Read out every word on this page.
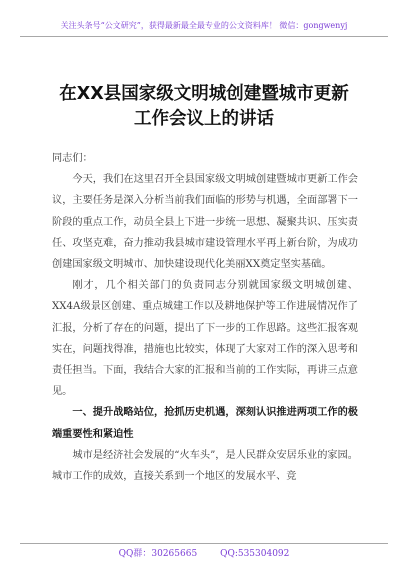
关注头条号“公文研究”，获得最新最全最专业的公文资料库！ 微信：gongwenyj
在XX县国家级文明城创建暨城市更新
工作会议上的讲话

同志们：

今天，我们在这里召开全县国家级文明城创建暨城市更新工作会议，主要任务是深入分析当前我们面临的形势与机遇，全面部署下一阶段的重点工作，动员全县上下进一步统一思想、凝聚共识、压实责任、攻坚克难，奋力推动我县城市建设管理水平再上新台阶，为成功创建国家级文明城市、加快建设现代化美丽XX奠定坚实基础。

刚才，几个相关部门的负责同志分别就国家级文明城创建、XX4A级景区创建、重点城建工作以及耕地保护等工作进展情况作了汇报，分析了存在的问题，提出了下一步的工作思路。这些汇报客观实在，问题找得准，措施也比较实，体现了大家对工作的深入思考和责任担当。下面，我结合大家的汇报和当前的工作实际，再讲三点意见。

一、提升战略站位，抢抓历史机遇，深刻认识推进两项工作的极端重要性和紧迫性

城市是经济社会发展的“火车头”，是人民群众安居乐业的家园。城市工作的成效，直接关系到一个地区的发展水平、竞

QQ群：30265665	QQ:535304092
